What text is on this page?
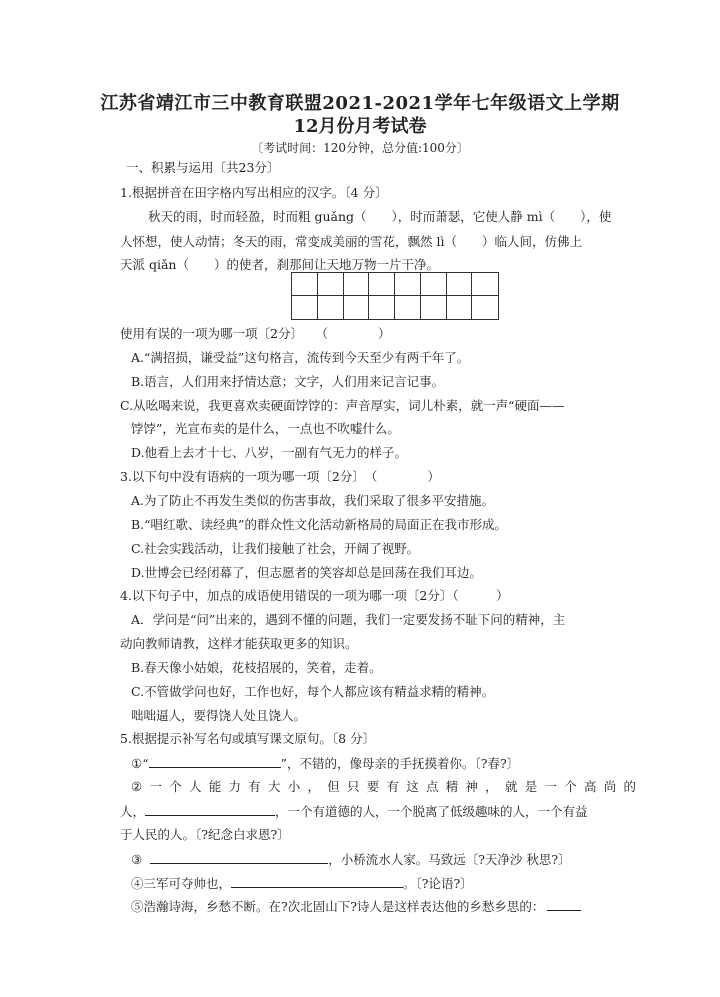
江苏省靖江市三中教育联盟2021-2021学年七年级语文上学期
12月份月考试卷
〔考试时间：120分钟，总分值:100分〕
一、积累与运用〔共23分〕
1.根据拼音在田字格内写出相应的汉字。〔4 分〕
秋天的雨，时而轻盈，时而粗 guǎng（　　），时而萧瑟，它使人静 mì（　　），使
人怀想，使人动情；冬天的雨，常变成美丽的雪花，飘然 lì（　　）临人间，仿佛上
天派 qiǎn（　　）的使者，刹那间让天地万物一片干净。
使用有误的一项为哪一项〔2分〕　　（　　　　）
A.“满招损，谦受益”这句格言，流传到今天至少有两千年了。
B.语言，人们用来抒情达意；文字，人们用来记言记事。
C.从吆喝来说，我更喜欢卖硬面饽饽的：声音厚实，词儿朴素，就一声“硬面——
饽饽”，光宣布卖的是什么，一点也不吹嘘什么。
D.他看上去才十七、八岁，一副有气无力的样子。
3.以下句中没有语病的一项为哪一项〔2分〕　（　　　　）
A.为了防止不再发生类似的伤害事故，我们采取了很多平安措施。
B.“唱红歌、读经典”的群众性文化活动新格局的局面正在我市形成。
C.社会实践活动，让我们接触了社会，开阔了视野。
D.世博会已经闭幕了，但志愿者的笑容却总是回荡在我们耳边。
4.以下句子中，加点的成语使用错误的一项为哪一项〔2分〕（　　　）
A．学问是“问”出来的，遇到不懂的问题，我们一定要发扬不耻下问的精神，主
动向教师请教，这样才能获取更多的知识。
B.春天像小姑娘，花枝招展的，笑着，走着。
C.不管做学问也好，工作也好，每个人都应该有精益求精的精神。
咄咄逼人，要得饶人处且饶人。
5.根据提示补写名句或填写课文原句。〔8 分〕
①“	”，不错的，像母亲的手抚摸着你。〔?春?〕
② 一 个 人 能 力 有 大 小 ， 但 只 要 有 这 点 精 神 ， 就 是 一 个 高 尚 的
人，	，一个有道德的人，一个脱离了低级趣味的人，一个有益
于人民的人。〔?纪念白求恩?〕
③	，小桥流水人家。马致远〔?天净沙 秋思?〕
④三军可夺帅也，	。〔?论语?〕
⑤浩瀚诗海，乡愁不断。在?次北固山下?诗人是这样表达他的乡愁乡思的：
